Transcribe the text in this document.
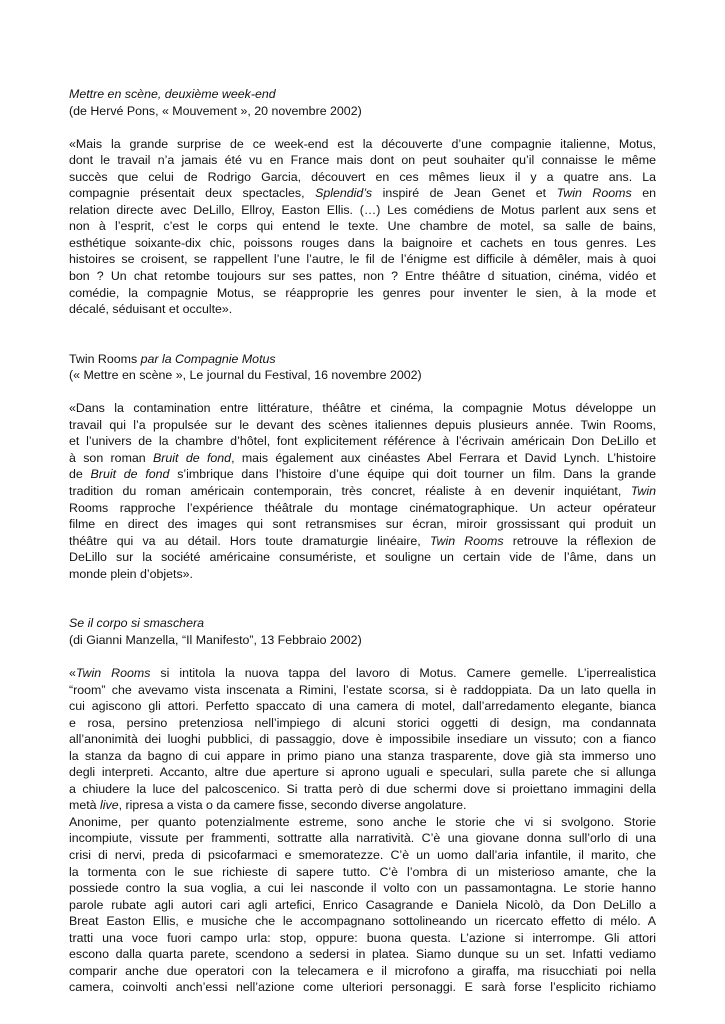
Mettre en scène, deuxième week-end
(de Hervé Pons, « Mouvement », 20 novembre 2002)
«Mais la grande surprise de ce week-end est la découverte d’une compagnie italienne, Motus,
dont le travail n’a jamais été vu en France mais dont on peut souhaiter qu’il connaisse le même
succès que celui de Rodrigo Garcia, découvert en ces mêmes lieux il y a quatre ans. La
compagnie présentait deux spectacles, Splendid’s inspiré de Jean Genet et Twin Rooms en
relation directe avec DeLillo, Ellroy, Easton Ellis. (…) Les comédiens de Motus parlent aux sens et
non à l’esprit, c’est le corps qui entend le texte. Une chambre de motel, sa salle de bains,
esthétique soixante-dix chic, poissons rouges dans la baignoire et cachets en tous genres. Les
histoires se croisent, se rappellent l’une l’autre, le fil de l’énigme est difficile à démêler, mais à quoi
bon ? Un chat retombe toujours sur ses pattes, non ? Entre théâtre d situation, cinéma, vidéo et
comédie, la compagnie Motus, se réapproprie les genres pour inventer le sien, à la mode et
décalé, séduisant et occulte».
Twin Rooms par la Compagnie Motus
(« Mettre en scène », Le journal du Festival, 16 novembre 2002)
«Dans la contamination entre littérature, théâtre et cinéma, la compagnie Motus développe un
travail qui l’a propulsée sur le devant des scènes italiennes depuis plusieurs année. Twin Rooms,
et l’univers de la chambre d’hôtel, font explicitement référence à l’écrivain américain Don DeLillo et
à son roman Bruit de fond, mais également aux cinéastes Abel Ferrara et David Lynch. L’histoire
de Bruit de fond s’imbrique dans l’histoire d’une équipe qui doit tourner un film. Dans la grande
tradition du roman américain contemporain, très concret, réaliste à en devenir inquiétant, Twin
Rooms rapproche l’expérience théâtrale du montage cinématographique. Un acteur opérateur
filme en direct des images qui sont retransmises sur écran, miroir grossissant qui produit un
théâtre qui va au détail. Hors toute dramaturgie linéaire, Twin Rooms retrouve la réflexion de
DeLillo sur la société américaine consumériste, et souligne un certain vide de l’âme, dans un
monde plein d’objets».
Se il corpo si smaschera
(di Gianni Manzella, “Il Manifesto”, 13 Febbraio 2002)
«Twin Rooms si intitola la nuova tappa del lavoro di Motus. Camere gemelle. L’iperrealistica
“room” che avevamo vista inscenata a Rimini, l’estate scorsa, si è raddoppiata. Da un lato quella in
cui agiscono gli attori. Perfetto spaccato di una camera di motel, dall’arredamento elegante, bianca
e rosa, persino pretenziosa nell’impiego di alcuni storici oggetti di design, ma condannata
all’anonimità dei luoghi pubblici, di passaggio, dove è impossibile insediare un vissuto; con a fianco
la stanza da bagno di cui appare in primo piano una stanza trasparente, dove già sta immerso uno
degli interpreti. Accanto, altre due aperture si aprono uguali e speculari, sulla parete che si allunga
a chiudere la luce del palcoscenico. Si tratta però di due schermi dove si proiettano immagini della
metà live, ripresa a vista o da camere fisse, secondo diverse angolature.
Anonime, per quanto potenzialmente estreme, sono anche le storie che vi si svolgono. Storie
incompiute, vissute per frammenti, sottratte alla narratività. C’è una giovane donna sull’orlo di una
crisi di nervi, preda di psicofarmaci e smemoratezze. C’è un uomo dall’aria infantile, il marito, che
la tormenta con le sue richieste di sapere tutto. C’è l’ombra di un misterioso amante, che la
possiede contro la sua voglia, a cui lei nasconde il volto con un passamontagna. Le storie hanno
parole rubate agli autori cari agli artefici, Enrico Casagrande e Daniela Nicolò, da Don DeLillo a
Breat Easton Ellis, e musiche che le accompagnano sottolineando un ricercato effetto di mélo. A
tratti una voce fuori campo urla: stop, oppure: buona questa. L’azione si interrompe. Gli attori
escono dalla quarta parete, scendono a sedersi in platea. Siamo dunque su un set. Infatti vediamo
comparir anche due operatori con la telecamera e il microfono a giraffa, ma risucchiati poi nella
camera, coinvolti anch’essi nell’azione come ulteriori personaggi. E sarà forse l’esplicito richiamo
